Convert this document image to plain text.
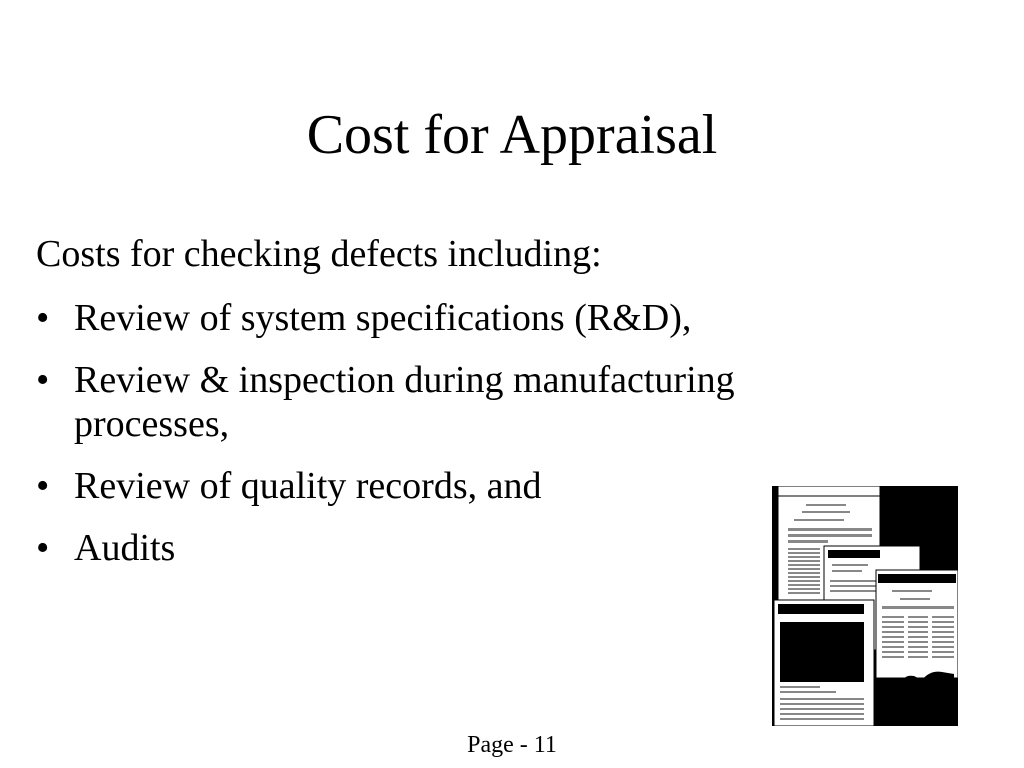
Cost for Appraisal

Costs for checking defects including:

• Review of system specifications (R&D),
• Review & inspection during manufacturing processes,
• Review of quality records, and
• Audits
Page - 11
